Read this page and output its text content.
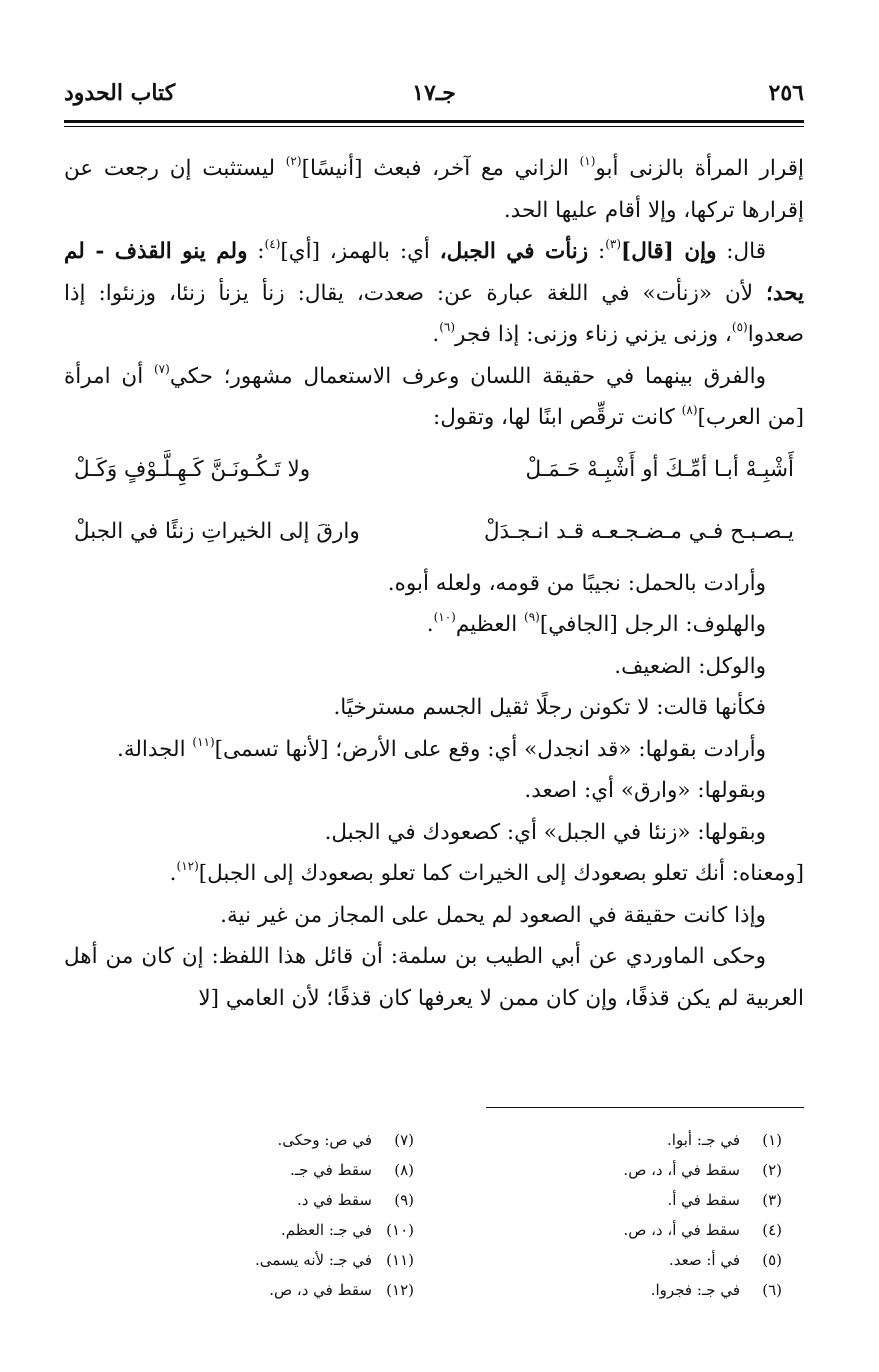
٢٥٦
جـ١٧
كتاب الحدود

إقرار المرأة بالزنى أبو$^{(١)}$ الزاني مع آخر، فبعث [أنيسًا]$^{(٢)}$ ليستثبت إن رجعت عن إقرارها تركها، وإلا أقام عليها الحد.

قال: وإن [قال]$^{(٣)}$: زنأت في الجبل، أي: بالهمز، [أي]$^{(٤)}$: ولم ينو القذف - لم يحد؛ لأن «زنأت» في اللغة عبارة عن: صعدت، يقال: زنأ يزنأ زنئا، وزنئوا: إذا صعدوا$^{(٥)}$، وزنى يزني زناء وزنى: إذا فجر$^{(٦)}$.

والفرق بينهما في حقيقة اللسان وعرف الاستعمال مشهور؛ حكي$^{(٧)}$ أن امرأة [من العرب]$^{(٨)}$ كانت ترقِّص ابنًا لها، وتقول:

أَشْبِـهْ أبـا أمِّـكَ أو أَشْبِـهْ حَـمَـلْ
ولا تَـكُـونَـنَّ كَـهِـلَّـوْفٍ وَكَـلْ
يـصـبـح فـي مـضـجـعـه قـد انـجـدَلْ
وارقَ إلى الخيراتِ زنئًا في الجبلْ

وأرادت بالحمل: نجيبًا من قومه، ولعله أبوه.

والهلوف: الرجل [الجافي]$^{(٩)}$ العظيم$^{(١٠)}$.

والوكل: الضعيف.

فكأنها قالت: لا تكونن رجلًا ثقيل الجسم مسترخيًا.

وأرادت بقولها: «قد انجدل» أي: وقع على الأرض؛ [لأنها تسمى]$^{(١١)}$ الجدالة.

وبقولها: «وارق» أي: اصعد.

وبقولها: «زنئا في الجبل» أي: كصعودك في الجبل.

[ومعناه: أنك تعلو بصعودك إلى الخيرات كما تعلو بصعودك إلى الجبل]$^{(١٢)}$.

وإذا كانت حقيقة في الصعود لم يحمل على المجاز من غير نية.

وحكى الماوردي عن أبي الطيب بن سلمة: أن قائل هذا اللفظ: إن كان من أهل العربية لم يكن قذفًا، وإن كان ممن لا يعرفها كان قذفًا؛ لأن العامي [لا

(١)
في جـ: أبوا.
(٢)
سقط في أ، د، ص.
(٣)
سقط في أ.
(٤)
سقط في أ، د، ص.
(٥)
في أ: صعد.
(٦)
في جـ: فجروا.
(٧)
في ص: وحكى.
(٨)
سقط في جـ.
(٩)
سقط في د.
(١٠)
في جـ: العظم.
(١١)
في جـ: لأنه يسمى.
(١٢)
سقط في د، ص.
